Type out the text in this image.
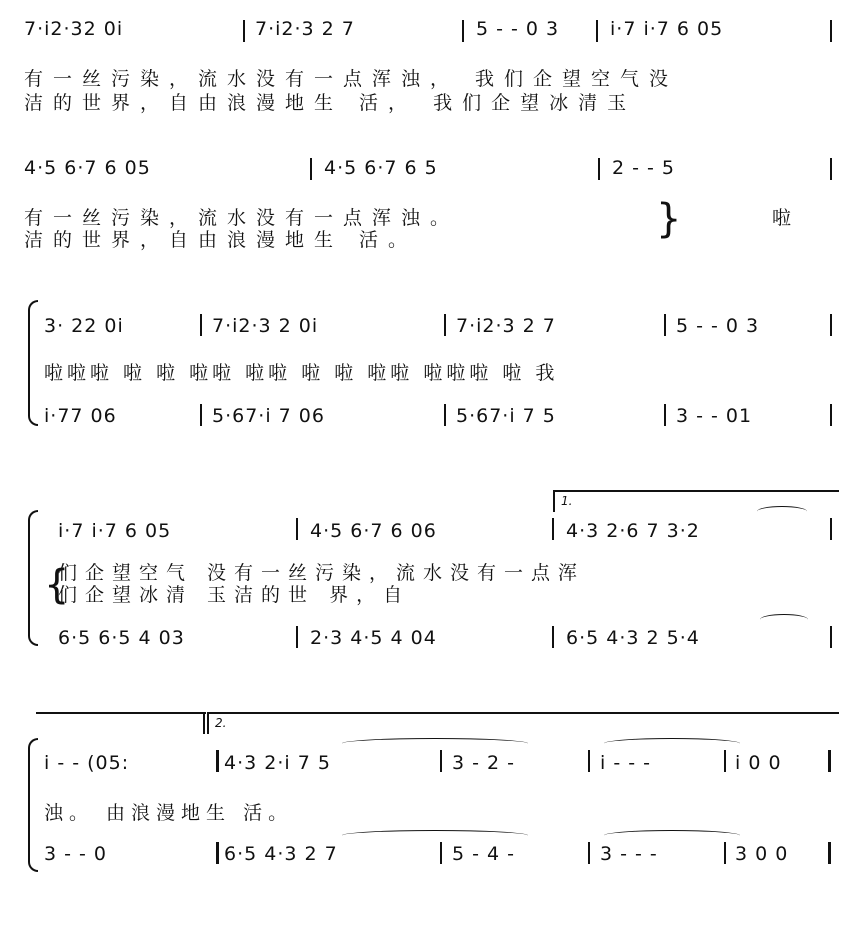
7·i2·32 0i	7·i2·3 2 7	5 - - 0 3	i·7 i·7 6 05
有一丝污染，流水没有一点浑浊， 我们企望空气没
洁的世界，自由浪漫地生 活， 我们企望冰清玉
4·5 6·7 6 05	4·5 6·7 6 5	2 - - 5
有一丝污染，流水没有一点浑浊。
洁的世界，自由浪漫地生 活。	}	啦
3· 22 0i	7·i2·3 2 0i	7·i2·3 2 7	5 - - 0 3
啦啦啦 啦 啦 啦啦 啦啦 啦 啦 啦啦 啦啦啦 啦 我
i·77 06	5·67·i 7 06	5·67·i 7 5	3 - - 01
1.
i·7 i·7 6 05	4·5 6·7 6 06	4·3 2·6 7 3·2
{
们企望空气 没有一丝污染，流水没有一点浑
们企望冰清 玉洁的世 界，自
6·5 6·5 4 03	2·3 4·5 4 04	6·5 4·3 2 5·4
2.
i - - (05:	4·3 2·i 7 5	3 - 2 -	i - - -	i 0 0
浊。 由浪漫地生 活。
3 - - 0	6·5 4·3 2 7	5 - 4 -	3 - - -	3 0 0
